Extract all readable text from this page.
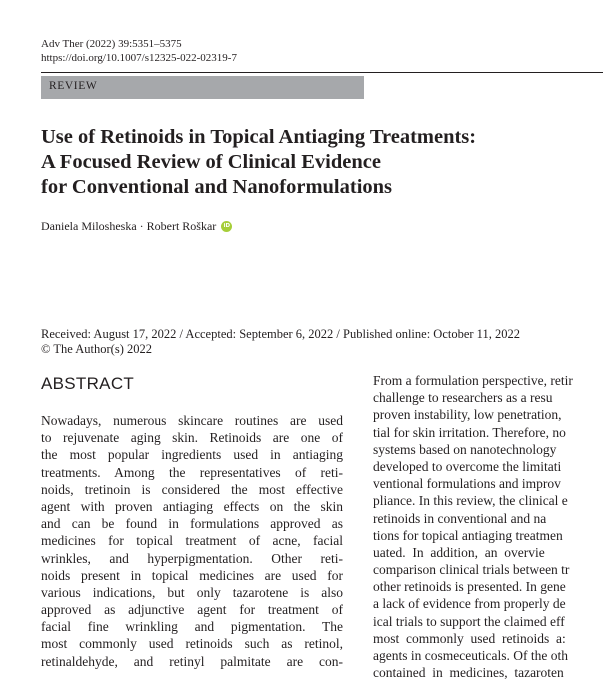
Adv Ther (2022) 39:5351–5375
https://doi.org/10.1007/s12325-022-02319-7
REVIEW
Use of Retinoids in Topical Antiaging Treatments:
A Focused Review of Clinical Evidence
for Conventional and Nanoformulations
Daniela Milosheska · Robert Roškar
iD
Received: August 17, 2022 / Accepted: September 6, 2022 / Published online: October 11, 2022
© The Author(s) 2022
ABSTRACT
Nowadays, numerous skincare routines are used
to rejuvenate aging skin. Retinoids are one of
the most popular ingredients used in antiaging
treatments. Among the representatives of reti-
noids, tretinoin is considered the most effective
agent with proven antiaging effects on the skin
and can be found in formulations approved as
medicines for topical treatment of acne, facial
wrinkles, and hyperpigmentation. Other reti-
noids present in topical medicines are used for
various indications, but only tazarotene is also
approved as adjunctive agent for treatment of
facial fine wrinkling and pigmentation. The
most commonly used retinoids such as retinol,
retinaldehyde, and retinyl palmitate are con-
From a formulation perspective, retir
challenge to researchers as a resu
proven instability, low penetration,
tial for skin irritation. Therefore, no
systems based on nanotechnology
developed to overcome the limitati
ventional formulations and improv
pliance. In this review, the clinical e
retinoids in conventional and na
tions for topical antiaging treatmen
uated.  In  addition,  an  overvie
comparison clinical trials between tr
other retinoids is presented. In gene
a lack of evidence from properly de
ical trials to support the claimed eff
most  commonly  used  retinoids  a:
agents in cosmeceuticals. Of the oth
contained  in  medicines,  tazaroten
